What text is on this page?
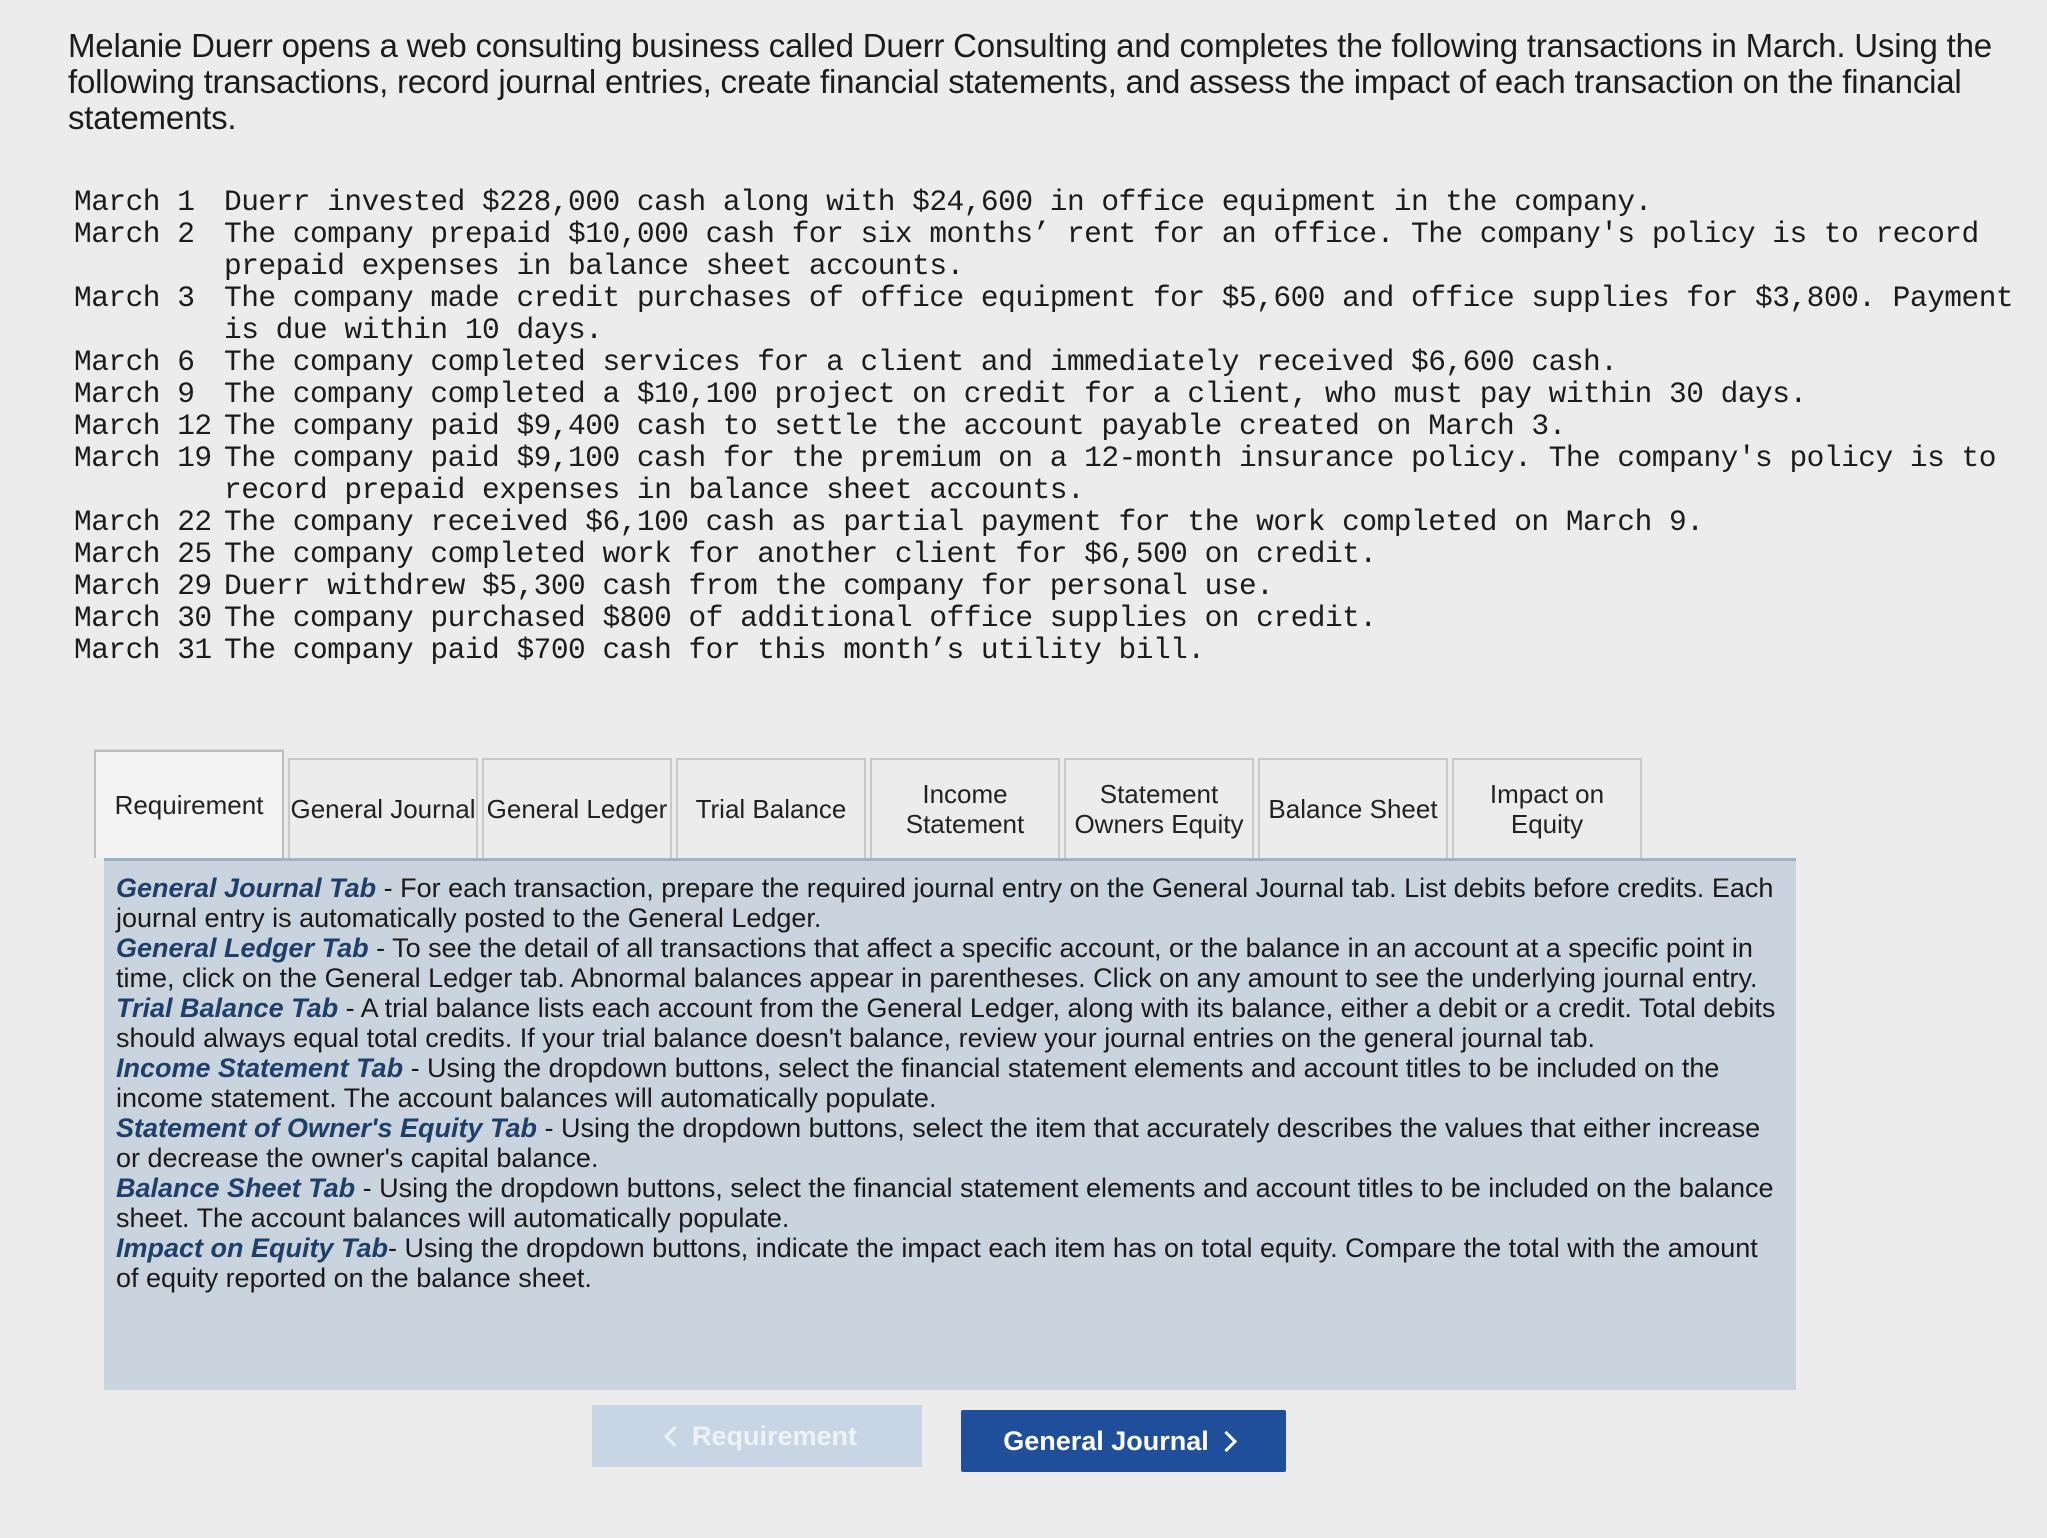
Melanie Duerr opens a web consulting business called Duerr Consulting and completes the following transactions in March. Using the following transactions, record journal entries, create financial statements, and assess the impact of each transaction on the financial statements.

March 1	Duerr invested $228,000 cash along with $24,600 in office equipment in the company.
March 2	The company prepaid $10,000 cash for six months’ rent for an office. The company's policy is to record prepaid expenses in balance sheet accounts.
March 3	The company made credit purchases of office equipment for $5,600 and office supplies for $3,800. Payment is due within 10 days.
March 6	The company completed services for a client and immediately received $6,600 cash.
March 9	The company completed a $10,100 project on credit for a client, who must pay within 30 days.
March 12 The company paid $9,400 cash to settle the account payable created on March 3.
March 19 The company paid $9,100 cash for the premium on a 12-month insurance policy. The company's policy is to record prepaid expenses in balance sheet accounts.
March 22 The company received $6,100 cash as partial payment for the work completed on March 9.
March 25 The company completed work for another client for $6,500 on credit.
March 29 Duerr withdrew $5,300 cash from the company for personal use.
March 30 The company purchased $800 of additional office supplies on credit.
March 31 The company paid $700 cash for this month’s utility bill.
Requirement	General Journal General Ledger	Trial Balance	Income Statement
Statement Owners Equity Balance Sheet	Impact on Equity

General Journal Tab - For each transaction, prepare the required journal entry on the General Journal tab. List debits before credits. Each journal entry is automatically posted to the General Ledger.

General Ledger Tab - To see the detail of all transactions that affect a specific account, or the balance in an account at a specific point in time, click on the General Ledger tab. Abnormal balances appear in parentheses. Click on any amount to see the underlying journal entry.

Trial Balance Tab - A trial balance lists each account from the General Ledger, along with its balance, either a debit or a credit. Total debits should always equal total credits. If your trial balance doesn't balance, review your journal entries on the general journal tab.

Income Statement Tab - Using the dropdown buttons, select the financial statement elements and account titles to be included on the income statement. The account balances will automatically populate.

Statement of Owner's Equity Tab - Using the dropdown buttons, select the item that accurately describes the values that either increase or decrease the owner's capital balance.

Balance Sheet Tab - Using the dropdown buttons, select the financial statement elements and account titles to be included on the balance sheet. The account balances will automatically populate.

Impact on Equity Tab- Using the dropdown buttons, indicate the impact each item has on total equity. Compare the total with the amount of equity reported on the balance sheet.

Requirement	General Journal
